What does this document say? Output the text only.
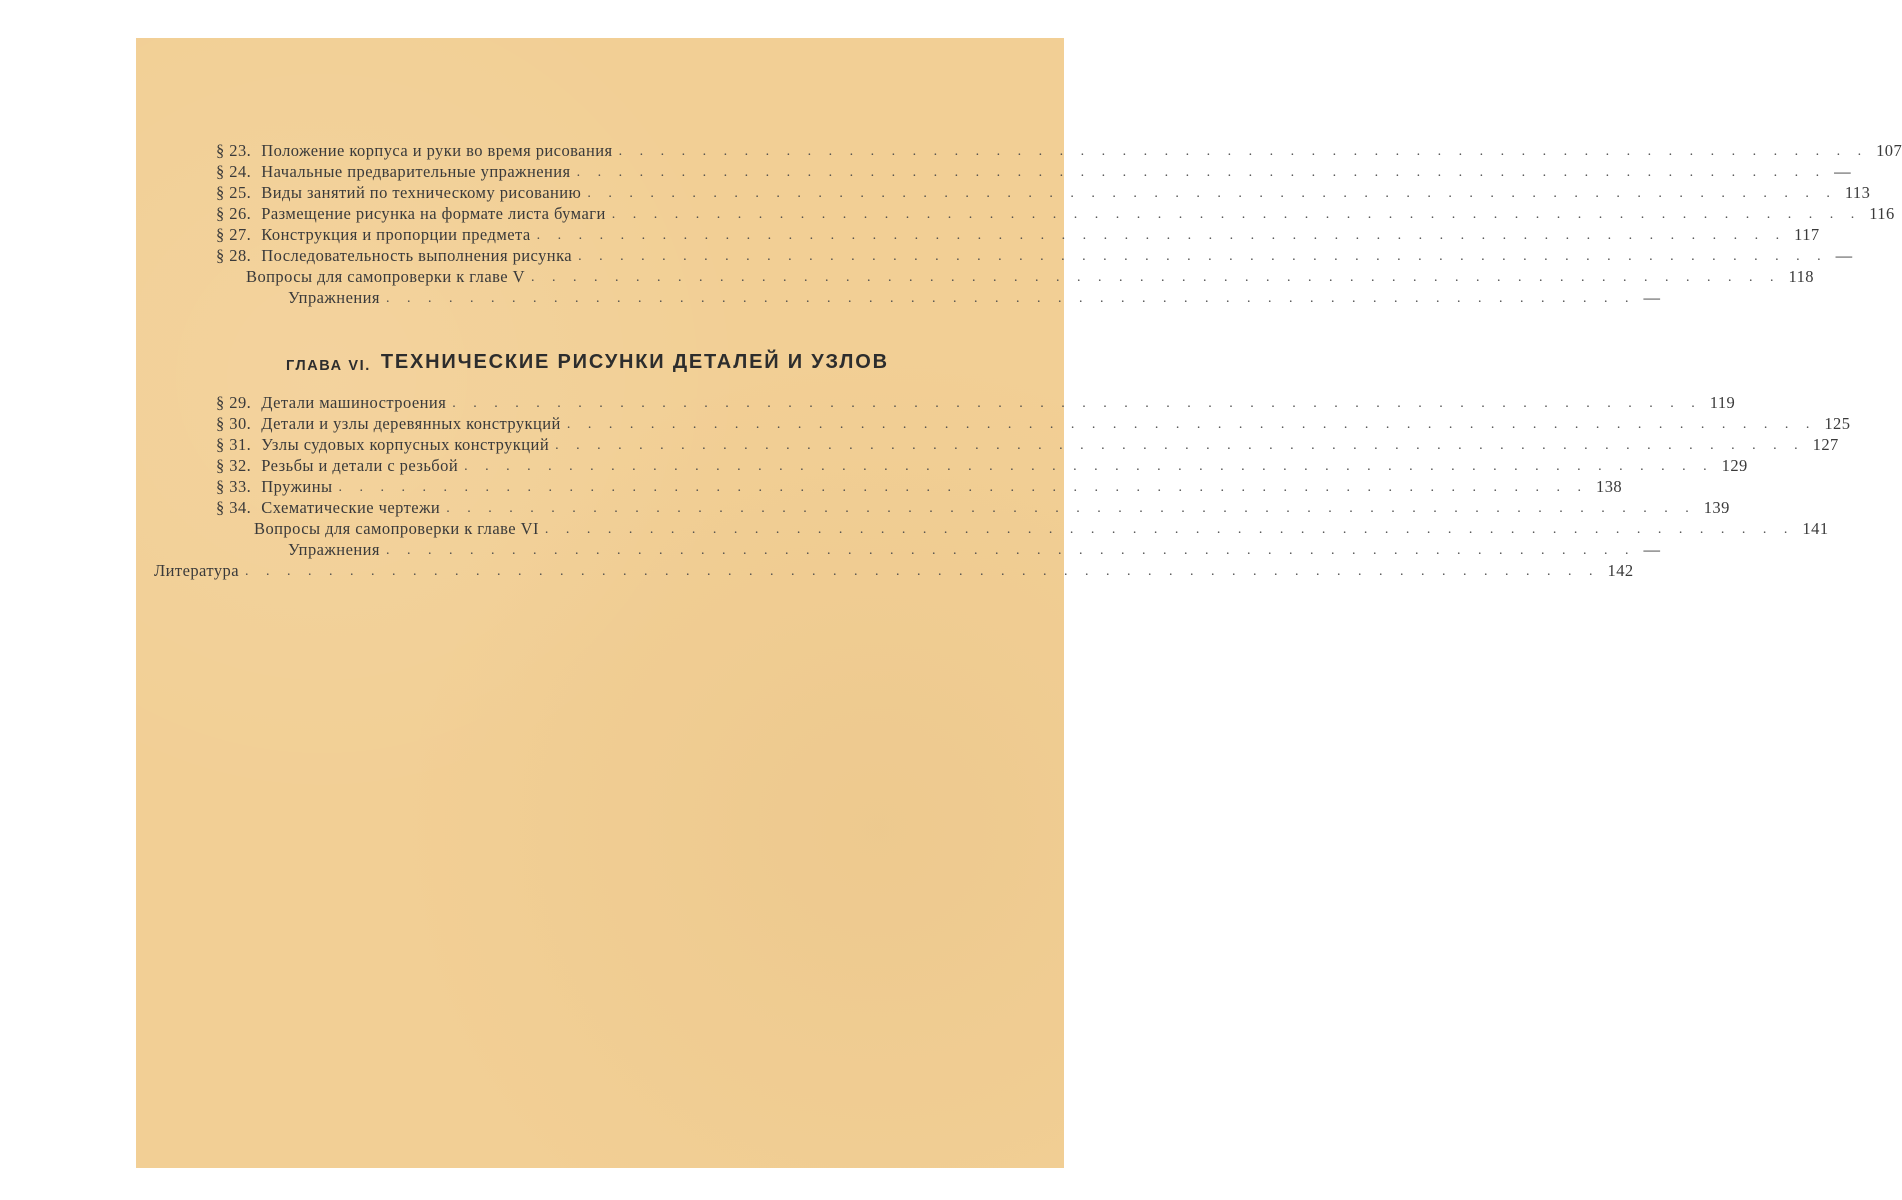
§ 23. Положение корпуса и руки во время рисования . . . . . . . . . . . . . . . . . . . . . . . . . . . . . . . . . . . . . . . . . . . . . . . . . . . . . . . . . . . . 107
§ 24. Начальные предварительные упражнения . . . . . . . . . . . . . . . . . . . . . . . . . . . . . . . . . . . . . . . . . . . . . . . . . . . . . . . . . . . . —
§ 25. Виды занятий по техническому рисованию . . . . . . . . . . . . . . . . . . . . . . . . . . . . . . . . . . . . . . . . . . . . . . . . . . . . . . . . . . . . 113
§ 26. Размещение рисунка на формате листа бумаги . . . . . . . . . . . . . . . . . . . . . . . . . . . . . . . . . . . . . . . . . . . . . . . . . . . . . . . . . . . . 116
§ 27. Конструкция и пропорции предмета . . . . . . . . . . . . . . . . . . . . . . . . . . . . . . . . . . . . . . . . . . . . . . . . . . . . . . . . . . . . 117
§ 28. Последовательность выполнения рисунка . . . . . . . . . . . . . . . . . . . . . . . . . . . . . . . . . . . . . . . . . . . . . . . . . . . . . . . . . . . . —
Вопросы для самопроверки к главе V . . . . . . . . . . . . . . . . . . . . . . . . . . . . . . . . . . . . . . . . . . . . . . . . . . . . . . . . . . . . 118
Упражнения . . . . . . . . . . . . . . . . . . . . . . . . . . . . . . . . . . . . . . . . . . . . . . . . . . . . . . . . . . . . —
ГЛАВА VI. ТЕХНИЧЕСКИЕ РИСУНКИ ДЕТАЛЕЙ И УЗЛОВ
§ 29. Детали машиностроения . . . . . . . . . . . . . . . . . . . . . . . . . . . . . . . . . . . . . . . . . . . . . . . . . . . . . . . . . . . . 119
§ 30. Детали и узлы деревянных конструкций . . . . . . . . . . . . . . . . . . . . . . . . . . . . . . . . . . . . . . . . . . . . . . . . . . . . . . . . . . . . 125
§ 31. Узлы судовых корпусных конструкций . . . . . . . . . . . . . . . . . . . . . . . . . . . . . . . . . . . . . . . . . . . . . . . . . . . . . . . . . . . . 127
§ 32. Резьбы и детали с резьбой . . . . . . . . . . . . . . . . . . . . . . . . . . . . . . . . . . . . . . . . . . . . . . . . . . . . . . . . . . . . 129
§ 33. Пружины . . . . . . . . . . . . . . . . . . . . . . . . . . . . . . . . . . . . . . . . . . . . . . . . . . . . . . . . . . . . 138
§ 34. Схематические чертежи . . . . . . . . . . . . . . . . . . . . . . . . . . . . . . . . . . . . . . . . . . . . . . . . . . . . . . . . . . . . 139
Вопросы для самопроверки к главе VI . . . . . . . . . . . . . . . . . . . . . . . . . . . . . . . . . . . . . . . . . . . . . . . . . . . . . . . . . . . . 141
Упражнения . . . . . . . . . . . . . . . . . . . . . . . . . . . . . . . . . . . . . . . . . . . . . . . . . . . . . . . . . . . . —
Литература . . . . . . . . . . . . . . . . . . . . . . . . . . . . . . . . . . . . . . . . . . . . . . . . . . . . . . . . . . . . . . . . . 142
